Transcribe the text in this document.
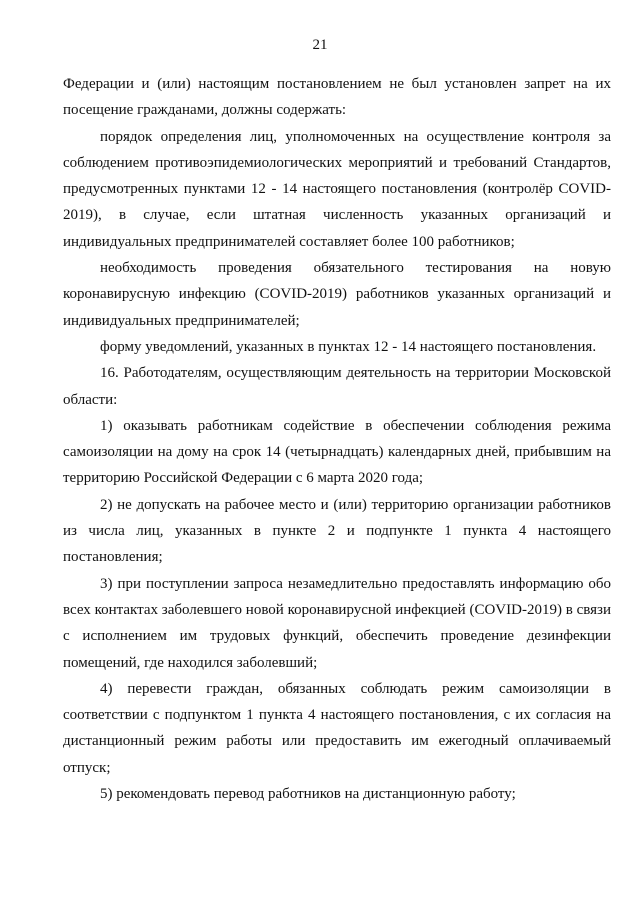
21

Федерации и (или) настоящим постановлением не был установлен запрет на их посещение гражданами, должны содержать:

порядок определения лиц, уполномоченных на осуществление контроля за соблюдением противоэпидемиологических мероприятий и требований Стандартов, предусмотренных пунктами 12 - 14 настоящего постановления (контролёр COVID-2019), в случае, если штатная численность указанных организаций и индивидуальных предпринимателей составляет более 100 работников;

необходимость проведения обязательного тестирования на новую коронавирусную инфекцию (COVID-2019) работников указанных организаций и индивидуальных предпринимателей;

форму уведомлений, указанных в пунктах 12 - 14 настоящего постановления.

16. Работодателям, осуществляющим деятельность на территории Московской области:

1) оказывать работникам содействие в обеспечении соблюдения режима самоизоляции на дому на срок 14 (четырнадцать) календарных дней, прибывшим на территорию Российской Федерации с 6 марта 2020 года;

2) не допускать на рабочее место и (или) территорию организации работников из числа лиц, указанных в пункте 2 и подпункте 1 пункта 4 настоящего постановления;

3) при поступлении запроса незамедлительно предоставлять информацию обо всех контактах заболевшего новой коронавирусной инфекцией (COVID-2019) в связи с исполнением им трудовых функций, обеспечить проведение дезинфекции помещений, где находился заболевший;

4) перевести граждан, обязанных соблюдать режим самоизоляции в соответствии с подпунктом 1 пункта 4 настоящего постановления, с их согласия на дистанционный режим работы или предоставить им ежегодный оплачиваемый отпуск;

5) рекомендовать перевод работников на дистанционную работу;
